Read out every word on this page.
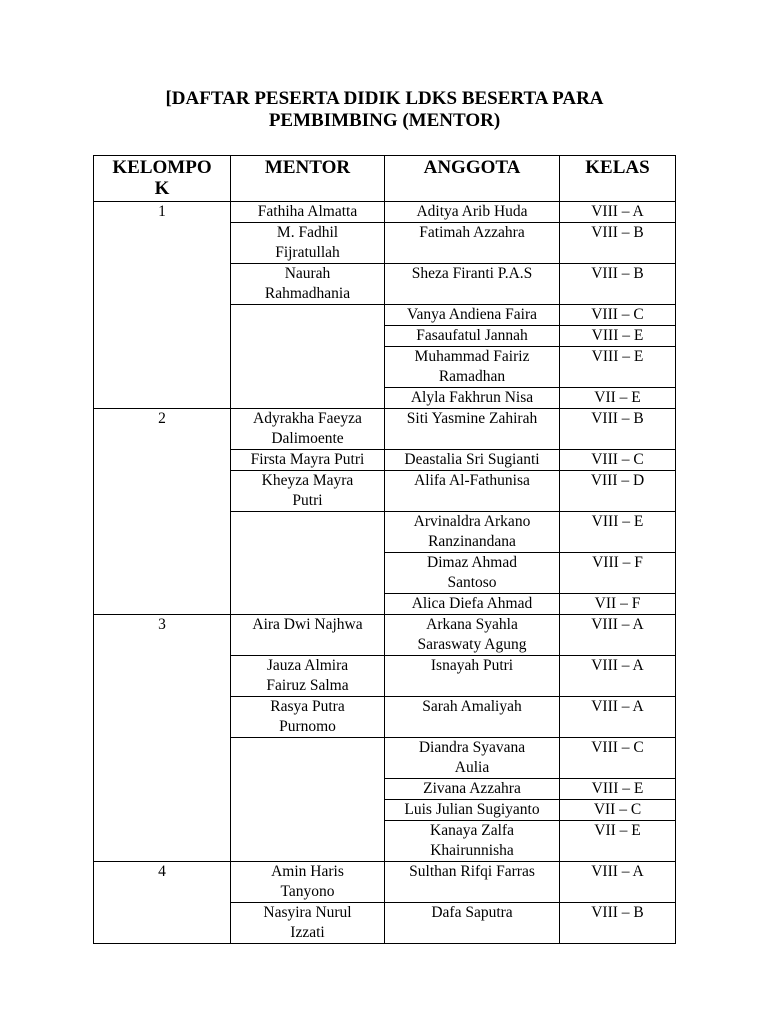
[DAFTAR PESERTA DIDIK LDKS BESERTA PARA
PEMBIMBING (MENTOR)
KELOMPO
K	MENTOR	ANGGOTA	KELAS

1	Fathiha Almatta	Aditya Arib Huda	VIII – A

	M. Fadhil
Fijratullah	Fatimah Azzahra	VIII – B

	Naurah
Rahmadhania	Sheza Firanti P.A.S	VIII – B

		Vanya Andiena Faira	VIII – C

		Fasaufatul Jannah	VIII – E

		Muhammad Fairiz
Ramadhan	VIII – E

		Alyla Fakhrun Nisa	VII – E

2	Adyrakha Faeyza
Dalimoente	Siti Yasmine Zahirah	VIII – B

	Firsta Mayra Putri	Deastalia Sri Sugianti	VIII – C

	Kheyza Mayra
Putri	Alifa Al-Fathunisa	VIII – D

		Arvinaldra Arkano
Ranzinandana	VIII – E

		Dimaz Ahmad
Santoso	VIII – F

		Alica Diefa Ahmad	VII – F

3	Aira Dwi Najhwa	Arkana Syahla
Saraswaty Agung	VIII – A

	Jauza Almira
Fairuz Salma	Isnayah Putri	VIII – A

	Rasya Putra
Purnomo	Sarah Amaliyah	VIII – A

		Diandra Syavana
Aulia	VIII – C

		Zivana Azzahra	VIII – E

		Luis Julian Sugiyanto	VII – C

		Kanaya Zalfa
Khairunnisha	VII – E

4	Amin Haris
Tanyono	Sulthan Rifqi Farras	VIII – A

	Nasyira Nurul
Izzati	Dafa Saputra	VIII – B
